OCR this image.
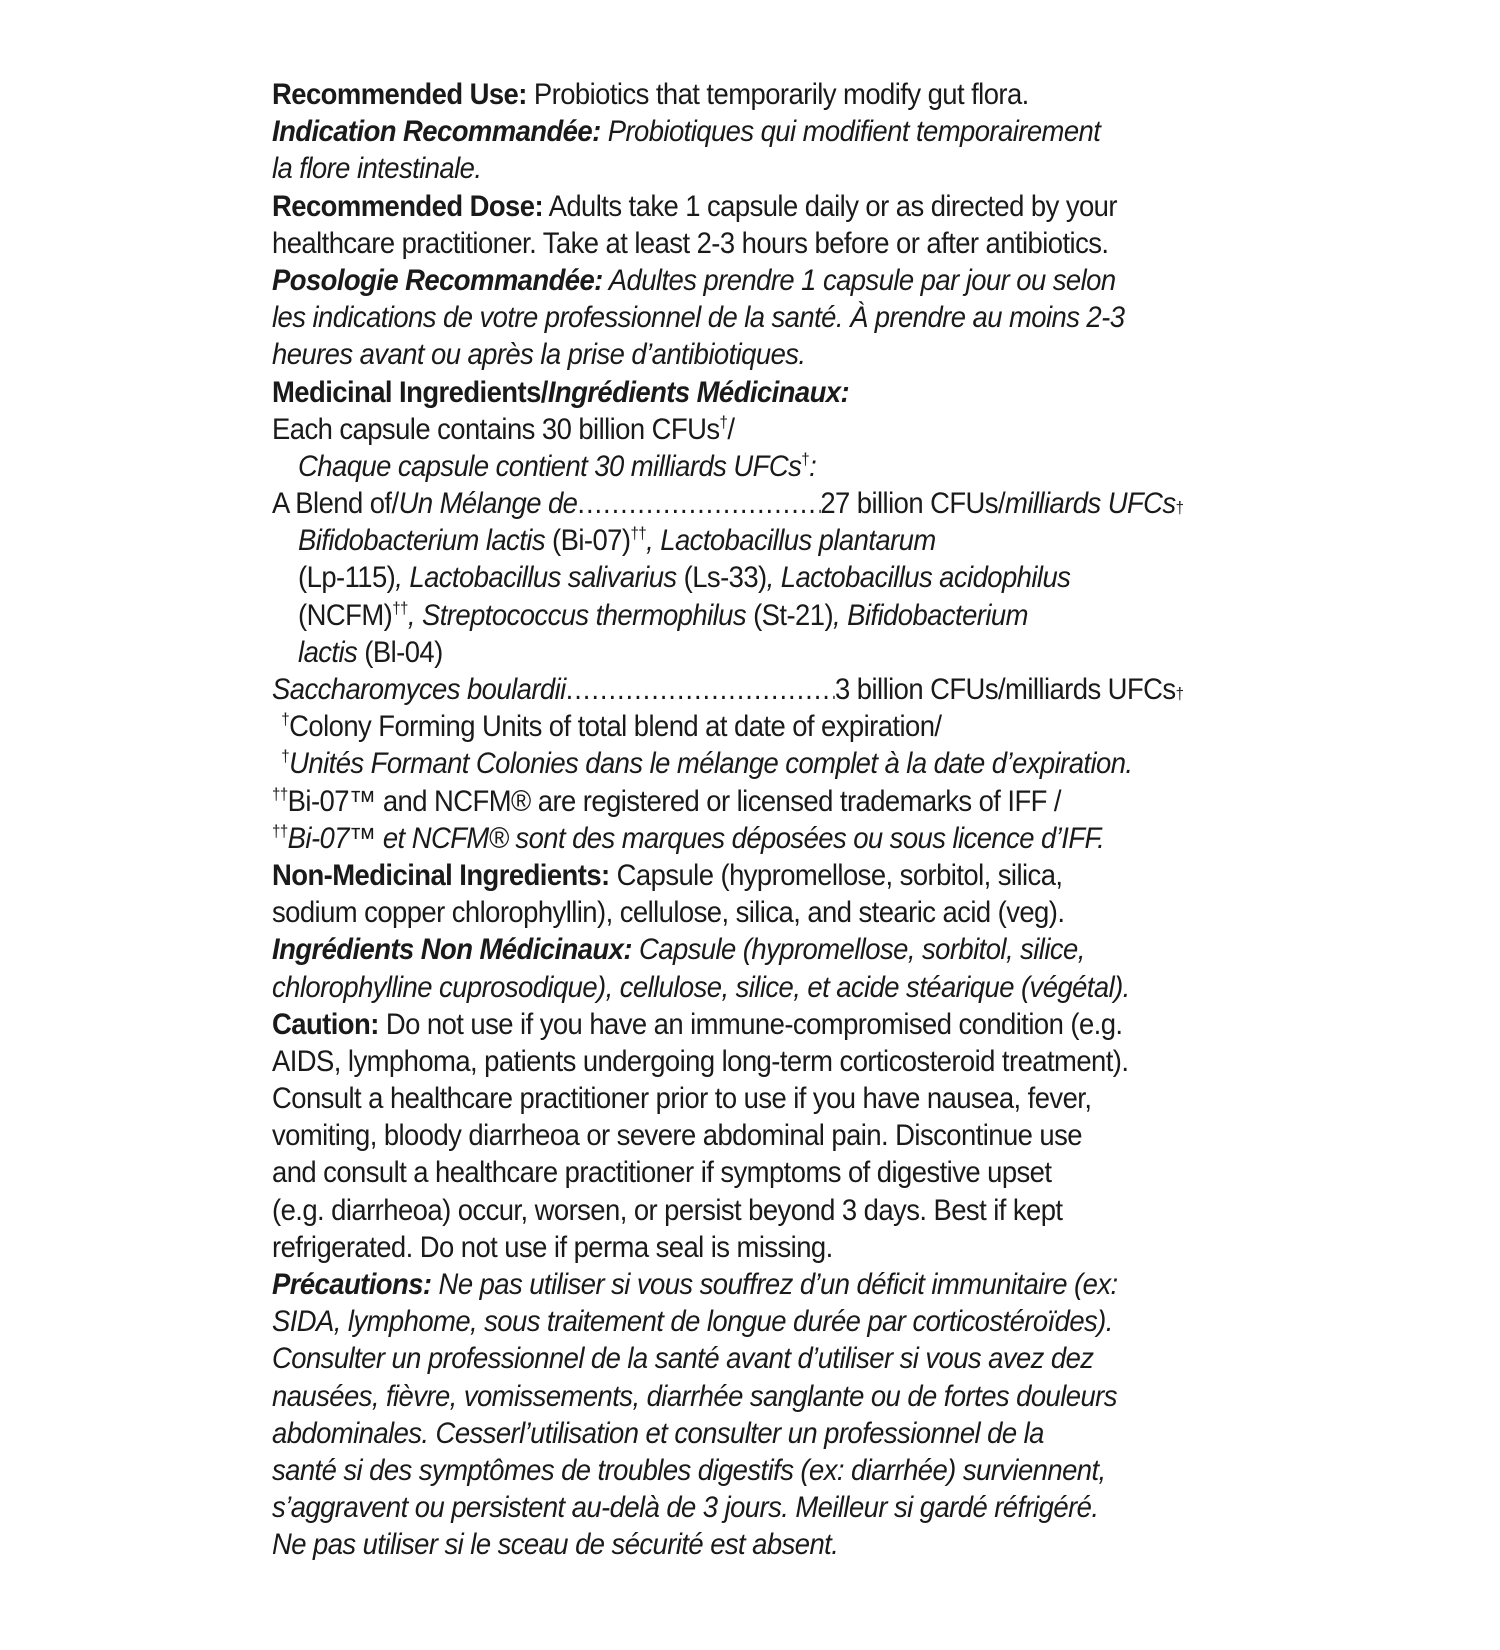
Recommended Use: Probiotics that temporarily modify gut flora.
Indication Recommandée: Probiotiques qui modifient temporairement
la flore intestinale.
Recommended Dose: Adults take 1 capsule daily or as directed by your
healthcare practitioner. Take at least 2-3 hours before or after antibiotics.
Posologie Recommandée: Adultes prendre 1 capsule par jour ou selon
les indications de votre professionnel de la santé. À prendre au moins 2-3
heures avant ou après la prise d’antibiotiques.
Medicinal Ingredients/Ingrédients Médicinaux:
Each capsule contains 30 billion CFUs†/
Chaque capsule contient 30 milliards UFCs†:
A Blend of/ Un Mélange de .....	27 billion CFUs/ milliards UFCs †
Bifidobacterium lactis (Bi-07)††, Lactobacillus plantarum
(Lp-115), Lactobacillus salivarius (Ls-33), Lactobacillus acidophilus
(NCFM)††, Streptococcus thermophilus (St-21), Bifidobacterium
lactis (Bl-04)
Saccharomyces boulardii .....	3 billion CFUs/milliards UFCs †
†Colony Forming Units of total blend at date of expiration/
†Unités Formant Colonies dans le mélange complet à la date d’expiration.
††Bi-07™ and NCFM® are registered or licensed trademarks of IFF /
††Bi-07™ et NCFM® sont des marques déposées ou sous licence d’IFF.
Non-Medicinal Ingredients: Capsule (hypromellose, sorbitol, silica,
sodium copper chlorophyllin), cellulose, silica, and stearic acid (veg).
Ingrédients Non Médicinaux: Capsule (hypromellose, sorbitol, silice,
chlorophylline cuprosodique), cellulose, silice, et acide stéarique (végétal).
Caution: Do not use if you have an immune-compromised condition (e.g.
AIDS, lymphoma, patients undergoing long-term corticosteroid treatment).
Consult a healthcare practitioner prior to use if you have nausea, fever,
vomiting, bloody diarrheoa or severe abdominal pain. Discontinue use
and consult a healthcare practitioner if symptoms of digestive upset
(e.g. diarrheoa) occur, worsen, or persist beyond 3 days. Best if kept
refrigerated. Do not use if perma seal is missing.
Précautions: Ne pas utiliser si vous souffrez d’un déficit immunitaire (ex:
SIDA, lymphome, sous traitement de longue durée par corticostéroïdes).
Consulter un professionnel de la santé avant d’utiliser si vous avez dez
nausées, fièvre, vomissements, diarrhée sanglante ou de fortes douleurs
abdominales. Cesserl’utilisation et consulter un professionnel de la
santé si des symptômes de troubles digestifs (ex: diarrhée) surviennent,
s’aggravent ou persistent au-delà de 3 jours. Meilleur si gardé réfrigéré.
Ne pas utiliser si le sceau de sécurité est absent.
